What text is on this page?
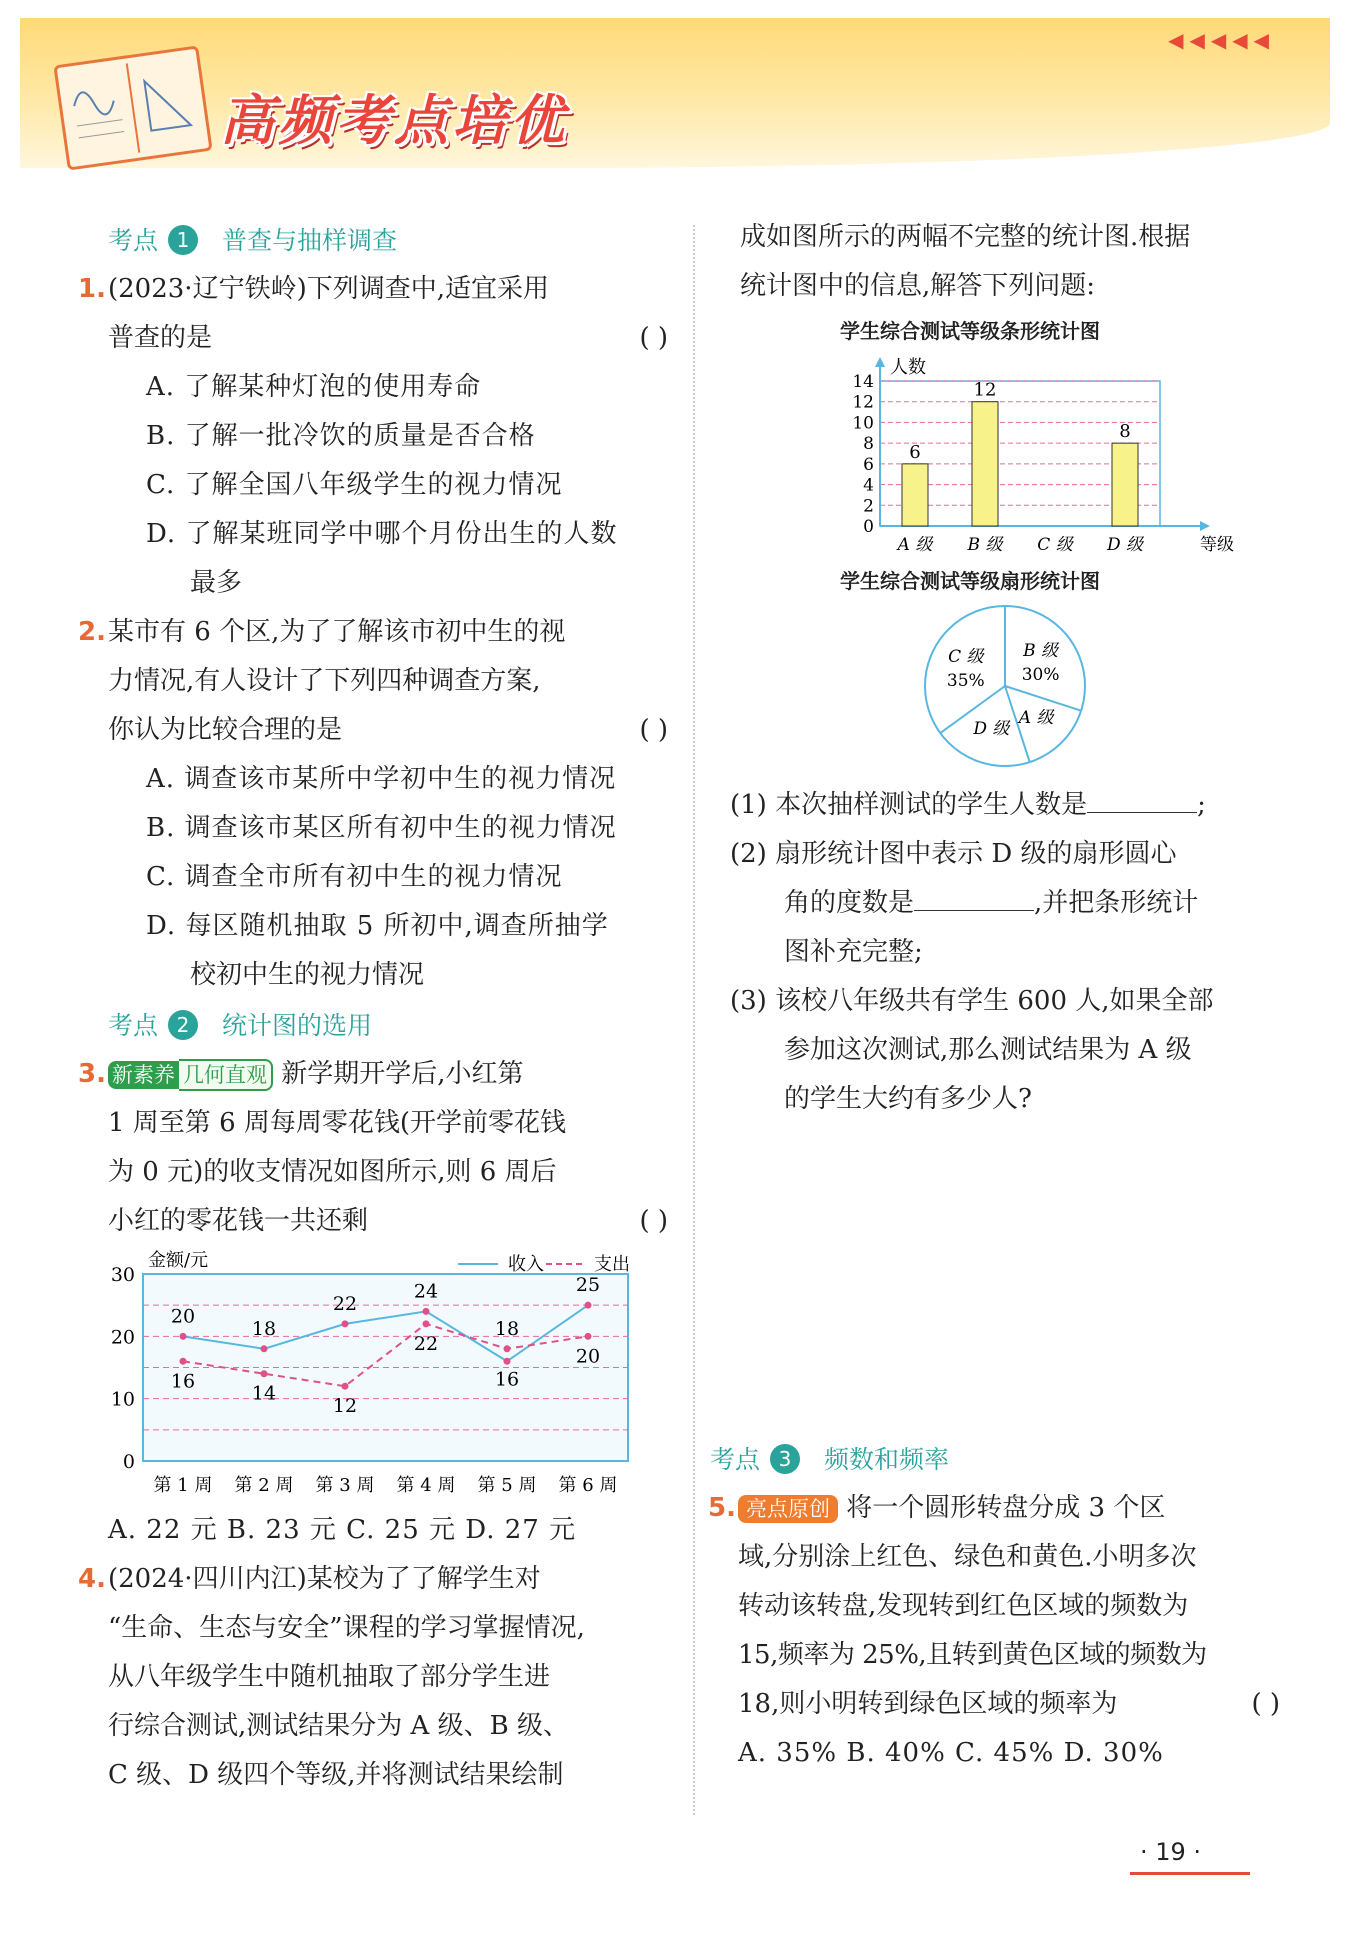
◀◀◀◀◀
高频考点培优
考点 1	普查与抽样调查
1. (2023·辽宁铁岭)下列调查中,适宜采用
普查的是	( )
A. 了解某种灯泡的使用寿命
B. 了解一批冷饮的质量是否合格
C. 了解全国八年级学生的视力情况
D. 了解某班同学中哪个月份出生的人数
最多
2. 某市有 6 个区,为了了解该市初中生的视
力情况,有人设计了下列四种调查方案,
你认为比较合理的是	( )
A. 调查该市某所中学初中生的视力情况
B. 调查该市某区所有初中生的视力情况
C. 调查全市所有初中生的视力情况
D. 每区随机抽取 5 所初中,调查所抽学
校初中生的视力情况
考点 2	统计图的选用
3. 新素养 几何直观 新学期开学后,小红第
1 周至第 6 周每周零花钱(开学前零花钱
为 0 元)的收支情况如图所示,则 6 周后
小红的零花钱一共还剩	( )
0
10
20
30
金额/元
第 1 周 第 2 周 第 3 周 第 4 周 第 5 周 第 6 周
收入	支出
20
18
22
24
16
25
16
14
12
22
18
20
A. 22 元 B. 23 元 C. 25 元 D. 27 元
4. (2024·四川内江)某校为了了解学生对
“生命、生态与安全”课程的学习掌握情况,
从八年级学生中随机抽取了部分学生进
行综合测试,测试结果分为 A 级、B 级、
C 级、D 级四个等级,并将测试结果绘制
成如图所示的两幅不完整的统计图.根据
统计图中的信息,解答下列问题:
学生综合测试等级条形统计图
0
2
4
6
8
10
12
14
人数
等级
A 级
6
B 级
12
C 级 D 级
8
学生综合测试等级扇形统计图
B 级
30%
A 级
D 级
C 级
35%
(1) 本次抽样测试的学生人数是	;
(2) 扇形统计图中表示 D 级的扇形圆心
角的度数是	,并把条形统计
图补充完整;
(3) 该校八年级共有学生 600 人,如果全部
参加这次测试,那么测试结果为 A 级
的学生大约有多少人?
考点 3	频数和频率
5. 亮点原创 将一个圆形转盘分成 3 个区
域,分别涂上红色、绿色和黄色.小明多次
转动该转盘,发现转到红色区域的频数为
15,频率为 25%,且转到黄色区域的频数为
18,则小明转到绿色区域的频率为	( )
A. 35% B. 40% C. 45% D. 30%
· 19 ·
